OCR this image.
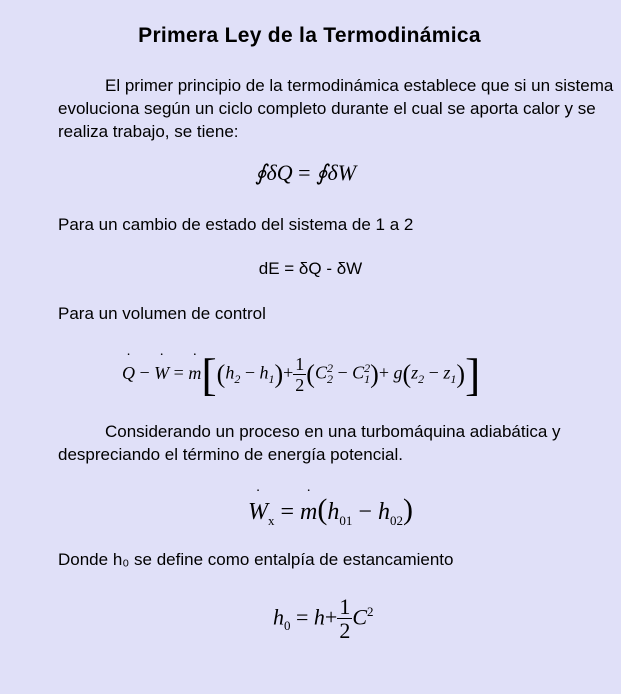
Primera Ley de la Termodinámica
El primer principio de la termodinámica establece que si un sistema evoluciona según un ciclo completo durante el cual se aporta calor y se realiza trabajo, se tiene:
∮δQ = ∮δW
Para un cambio de estado del sistema de 1 a 2
dE = δQ - δW
Para un volumen de control
Q ˙ − W ˙ = m $˙[(h_2 - h_1)+ \frac{1}{2} (C_2^2 - C_1^2)+ g(z_2 - z_1)]$
Considerando un proceso en una turbomáquina adiabática y despreciando el término de energía potencial.
W $˙_x = m$ $˙(h_{01} - h_{02})$
Donde h₀ se define como entalpía de estancamiento
$h_0 = h+ \frac{1}{2} C^2$
